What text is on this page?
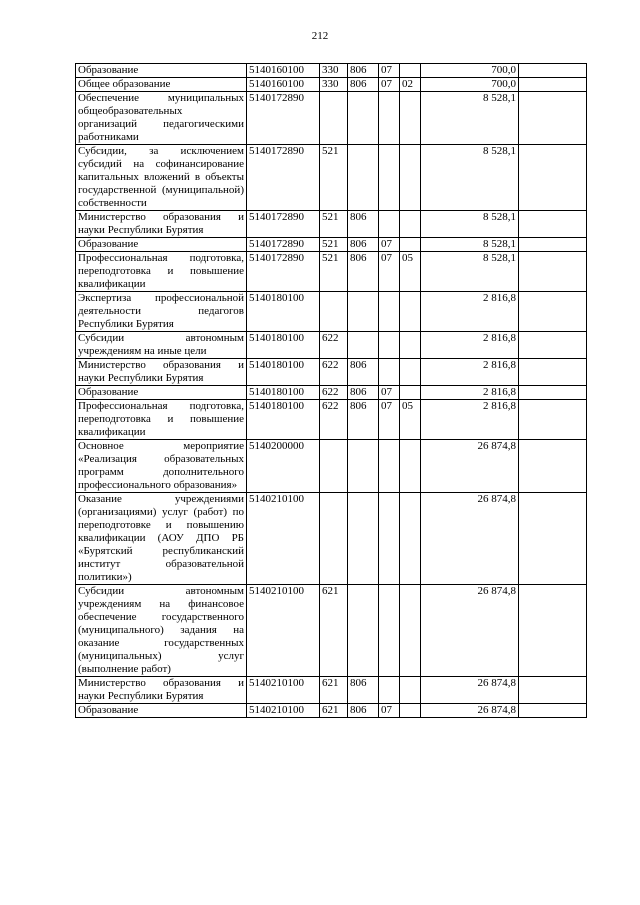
212
Образование	5140160100	330	806	07		700,0	
Общее образование	5140160100	330	806	07	02	700,0	
Обеспечение муниципальных общеобразовательных организаций педагогическими работниками	5140172890					8 528,1	
Субсидии, за исключением субсидий на софинансирование капитальных вложений в объекты государственной (муниципальной) собственности	5140172890	521				8 528,1	
Министерство образования и науки Республики Бурятия	5140172890	521	806			8 528,1	
Образование	5140172890	521	806	07		8 528,1	
Профессиональная подготовка, переподготовка и повышение квалификации	5140172890	521	806	07	05	8 528,1	
Экспертиза профессиональной деятельности педагогов Республики Бурятия	5140180100					2 816,8	
Субсидии автономным учреждениям на иные цели	5140180100	622				2 816,8	
Министерство образования и науки Республики Бурятия	5140180100	622	806			2 816,8	
Образование	5140180100	622	806	07		2 816,8	
Профессиональная подготовка, переподготовка и повышение квалификации	5140180100	622	806	07	05	2 816,8	
Основное мероприятие «Реализация образовательных программ дополнительного профессионального образования»	5140200000					26 874,8	
Оказание учреждениями (организациями) услуг (работ) по переподготовке и повышению квалификации (АОУ ДПО РБ «Бурятский республиканский институт образовательной политики»)	5140210100					26 874,8	
Субсидии автономным учреждениям на финансовое обеспечение государственного (муниципального) задания на оказание государственных (муниципальных) услуг (выполнение работ)	5140210100	621				26 874,8	
Министерство образования и науки Республики Бурятия	5140210100	621	806			26 874,8	
Образование	5140210100	621	806	07		26 874,8	
